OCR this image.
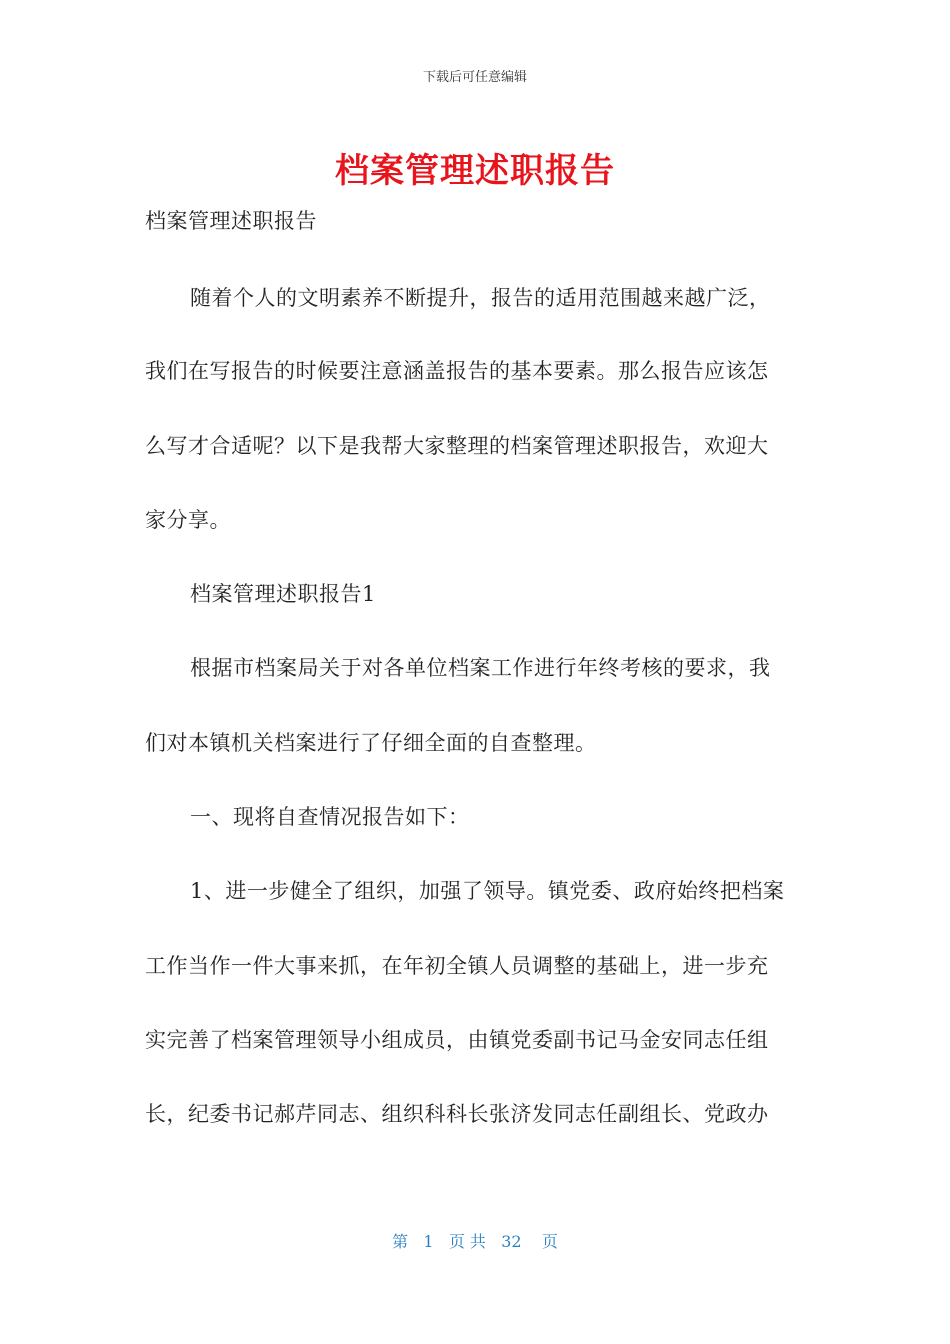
下载后可任意编辑
档案管理述职报告
档案管理述职报告
随着个人的文明素养不断提升，报告的适用范围越来越广泛，
我们在写报告的时候要注意涵盖报告的基本要素。那么报告应该怎
么写才合适呢？以下是我帮大家整理的档案管理述职报告，欢迎大
家分享。
档案管理述职报告1
根据市档案局关于对各单位档案工作进行年终考核的要求，我
们对本镇机关档案进行了仔细全面的自查整理。
一、现将自查情况报告如下：
1、进一步健全了组织，加强了领导。镇党委、政府始终把档案
工作当作一件大事来抓，在年初全镇人员调整的基础上，进一步充
实完善了档案管理领导小组成员，由镇党委副书记马金安同志任组
长，纪委书记郝芹同志、组织科科长张济发同志任副组长、党政办
第 1 页 共 32 页
